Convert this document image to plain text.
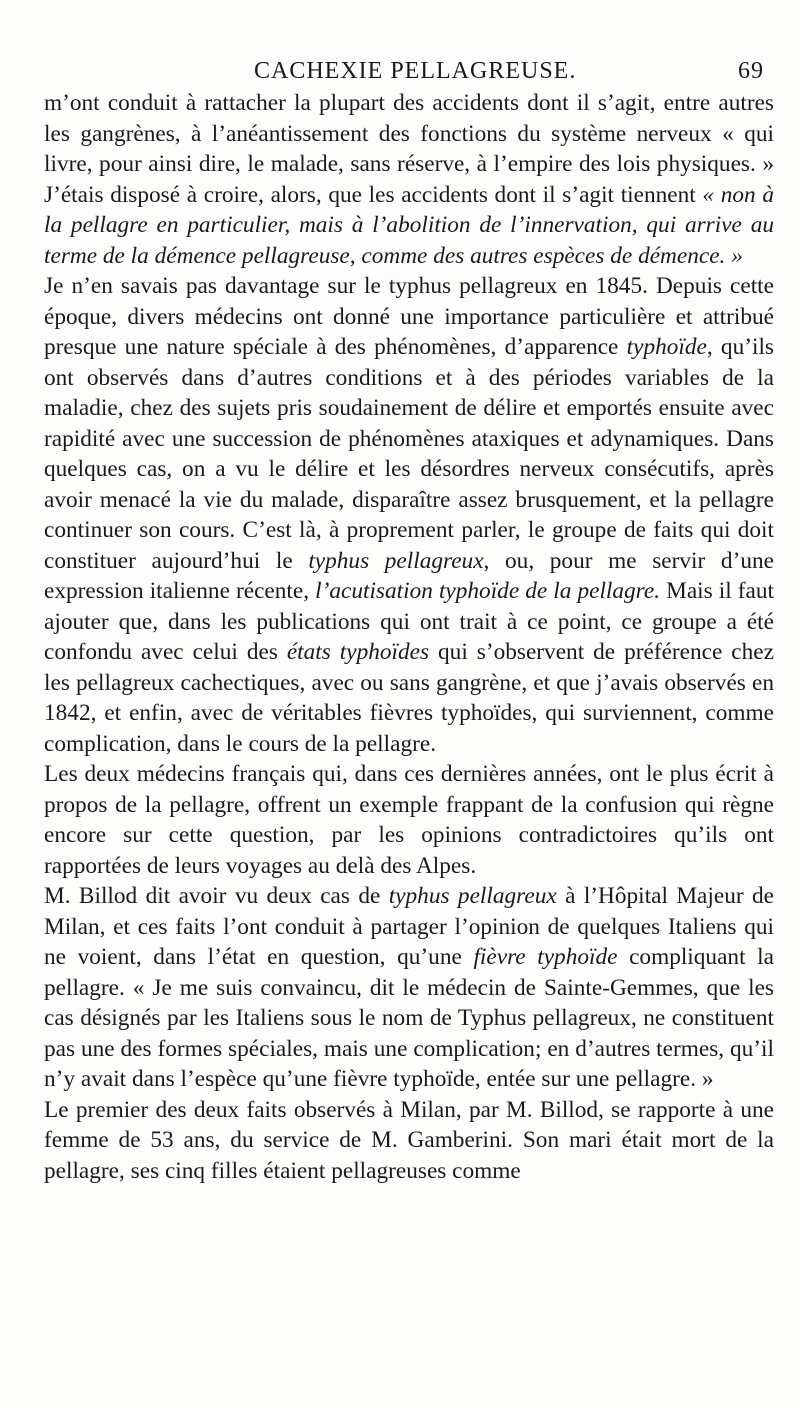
CACHEXIE PELLAGREUSE.	69

m’ont conduit à rattacher la plupart des accidents dont il s’agit, entre autres les gangrènes, à l’anéantissement des fonctions du système nerveux « qui livre, pour ainsi dire, le malade, sans réserve, à l’empire des lois physiques. » J’étais disposé à croire, alors, que les accidents dont il s’agit tiennent « non à la pellagre en particulier, mais à l’abolition de l’innervation, qui arrive au terme de la démence pellagreuse, comme des autres espèces de démence. »

Je n’en savais pas davantage sur le typhus pellagreux en 1845. Depuis cette époque, divers médecins ont donné une importance particulière et attribué presque une nature spéciale à des phénomènes, d’apparence typhoïde, qu’ils ont observés dans d’autres conditions et à des périodes variables de la maladie, chez des sujets pris soudainement de délire et emportés ensuite avec rapidité avec une succession de phénomènes ataxiques et adynamiques. Dans quelques cas, on a vu le délire et les désordres nerveux consécutifs, après avoir menacé la vie du malade, disparaître assez brusquement, et la pellagre continuer son cours. C’est là, à proprement parler, le groupe de faits qui doit constituer aujourd’hui le typhus pellagreux, ou, pour me servir d’une expression italienne récente, l’acutisation typhoïde de la pellagre. Mais il faut ajouter que, dans les publications qui ont trait à ce point, ce groupe a été confondu avec celui des états typhoïdes qui s’observent de préférence chez les pellagreux cachectiques, avec ou sans gangrène, et que j’avais observés en 1842, et enfin, avec de véritables fièvres typhoïdes, qui surviennent, comme complication, dans le cours de la pellagre.

Les deux médecins français qui, dans ces dernières années, ont le plus écrit à propos de la pellagre, offrent un exemple frappant de la confusion qui règne encore sur cette question, par les opinions contradictoires qu’ils ont rapportées de leurs voyages au delà des Alpes.

M. Billod dit avoir vu deux cas de typhus pellagreux à l’Hôpital Majeur de Milan, et ces faits l’ont conduit à partager l’opinion de quelques Italiens qui ne voient, dans l’état en question, qu’une fièvre typhoïde compliquant la pellagre. « Je me suis convaincu, dit le médecin de Sainte-Gemmes, que les cas désignés par les Italiens sous le nom de Typhus pellagreux, ne constituent pas une des formes spéciales, mais une complication; en d’autres termes, qu’il n’y avait dans l’espèce qu’une fièvre typhoïde, entée sur une pellagre. »

Le premier des deux faits observés à Milan, par M. Billod, se rapporte à une femme de 53 ans, du service de M. Gamberini. Son mari était mort de la pellagre, ses cinq filles étaient pellagreuses comme
